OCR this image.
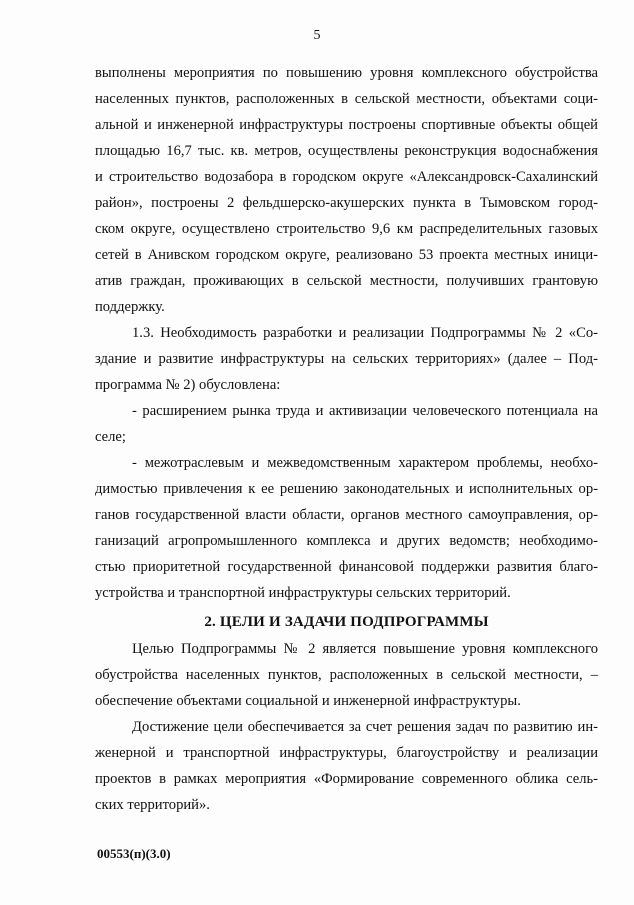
5
выполнены мероприятия по повышению уровня комплексного обустройства
населенных пунктов, расположенных в сельской местности, объектами соци-
альной и инженерной инфраструктуры построены спортивные объекты общей
площадью 16,7 тыс. кв. метров, осуществлены реконструкция водоснабжения
и строительство водозабора в городском округе «Александровск-Сахалинский
район», построены 2 фельдшерско-акушерских пункта в Тымовском город-
ском округе, осуществлено строительство 9,6 км распределительных газовых
сетей в Анивском городском округе, реализовано 53 проекта местных иници-
атив граждан, проживающих в сельской местности, получивших грантовую
поддержку.
1.3. Необходимость разработки и реализации Подпрограммы № 2 «Со-
здание и развитие инфраструктуры на сельских территориях» (далее – Под-
программа № 2) обусловлена:
- расширением рынка труда и активизации человеческого потенциала на
селе;
- межотраслевым и межведомственным характером проблемы, необхо-
димостью привлечения к ее решению законодательных и исполнительных ор-
ганов государственной власти области, органов местного самоуправления, ор-
ганизаций агропромышленного комплекса и других ведомств; необходимо-
стью приоритетной государственной финансовой поддержки развития благо-
устройства и транспортной инфраструктуры сельских территорий.
2. ЦЕЛИ И ЗАДАЧИ ПОДПРОГРАММЫ
Целью Подпрограммы № 2 является повышение уровня комплексного
обустройства населенных пунктов, расположенных в сельской местности, –
обеспечение объектами социальной и инженерной инфраструктуры.
Достижение цели обеспечивается за счет решения задач по развитию ин-
женерной и транспортной инфраструктуры, благоустройству и реализации
проектов в рамках мероприятия «Формирование современного облика сель-
ских территорий».
00553(п)(3.0)
